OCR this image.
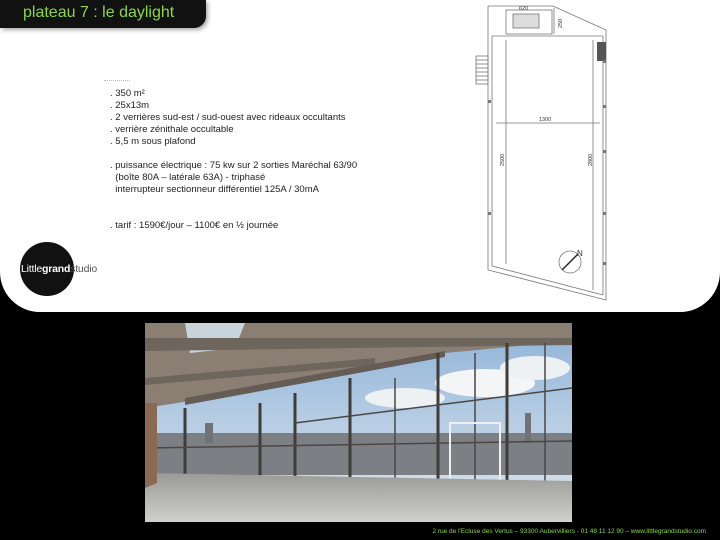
plateau 7 : le daylight
. 350 m²
. 25x13m
. 2 verrières sud-est / sud-ouest avec rideaux occultants
. verrière zénithale occultable
. 5,5 m sous plafond
. puissance électrique : 75 kw sur 2 sorties Maréchal 63/90
(boîte 80A – latérale 63A) - triphasé
interrupteur sectionneur différentiel 125A / 30mA
. tarif : 1590€/jour – 1100€ en ½ journée
Littlegrandstudio
620
250
1300
2500	2800
N
2 rue de l'Ecluse des Vertus – 93300 Aubervilliers - 01 48 11 12 90 – www.littlegrandstudio.com
